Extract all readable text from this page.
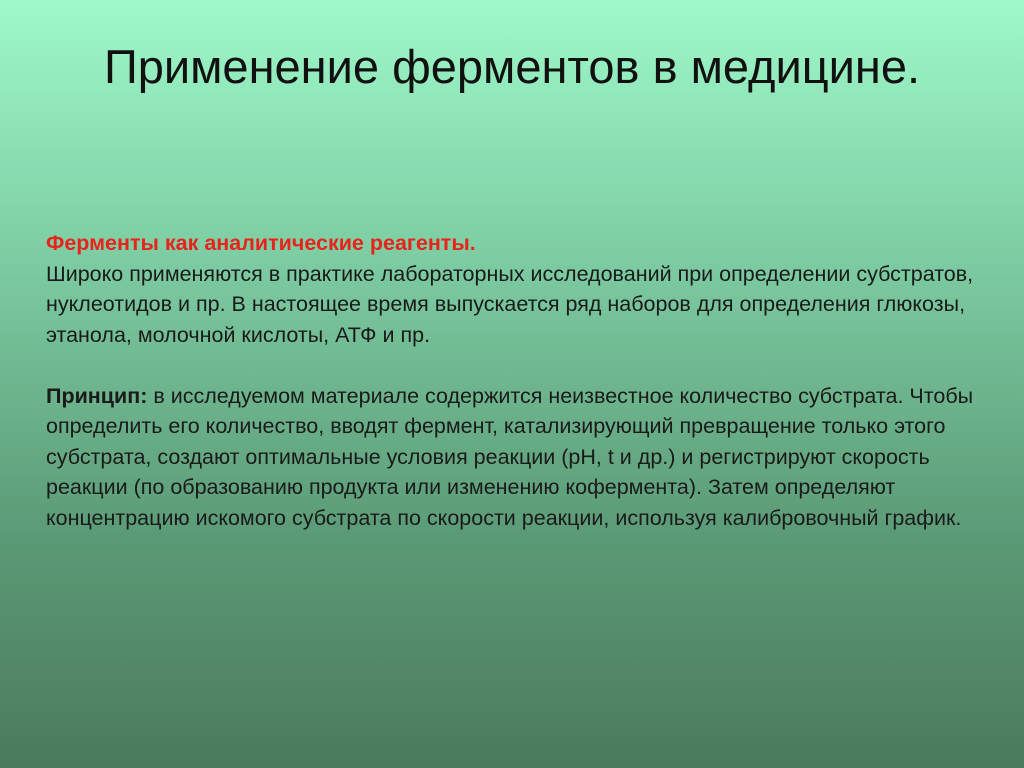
Применение ферментов в медицине.
Ферменты как аналитические реагенты.

Широко применяются в практике лабораторных исследований при определении субстратов, нуклеотидов и пр. В настоящее время выпускается ряд наборов для определения глюкозы, этанола, молочной кислоты, АТФ и пр.

Принцип: в исследуемом материале содержится неизвестное количество субстрата. Чтобы определить его количество, вводят фермент, катализирующий превращение только этого субстрата, создают оптимальные условия реакции (рН, t и др.) и регистрируют скорость реакции (по образованию продукта или изменению кофермента). Затем определяют концентрацию искомого субстрата по скорости реакции, используя калибровочный график.
